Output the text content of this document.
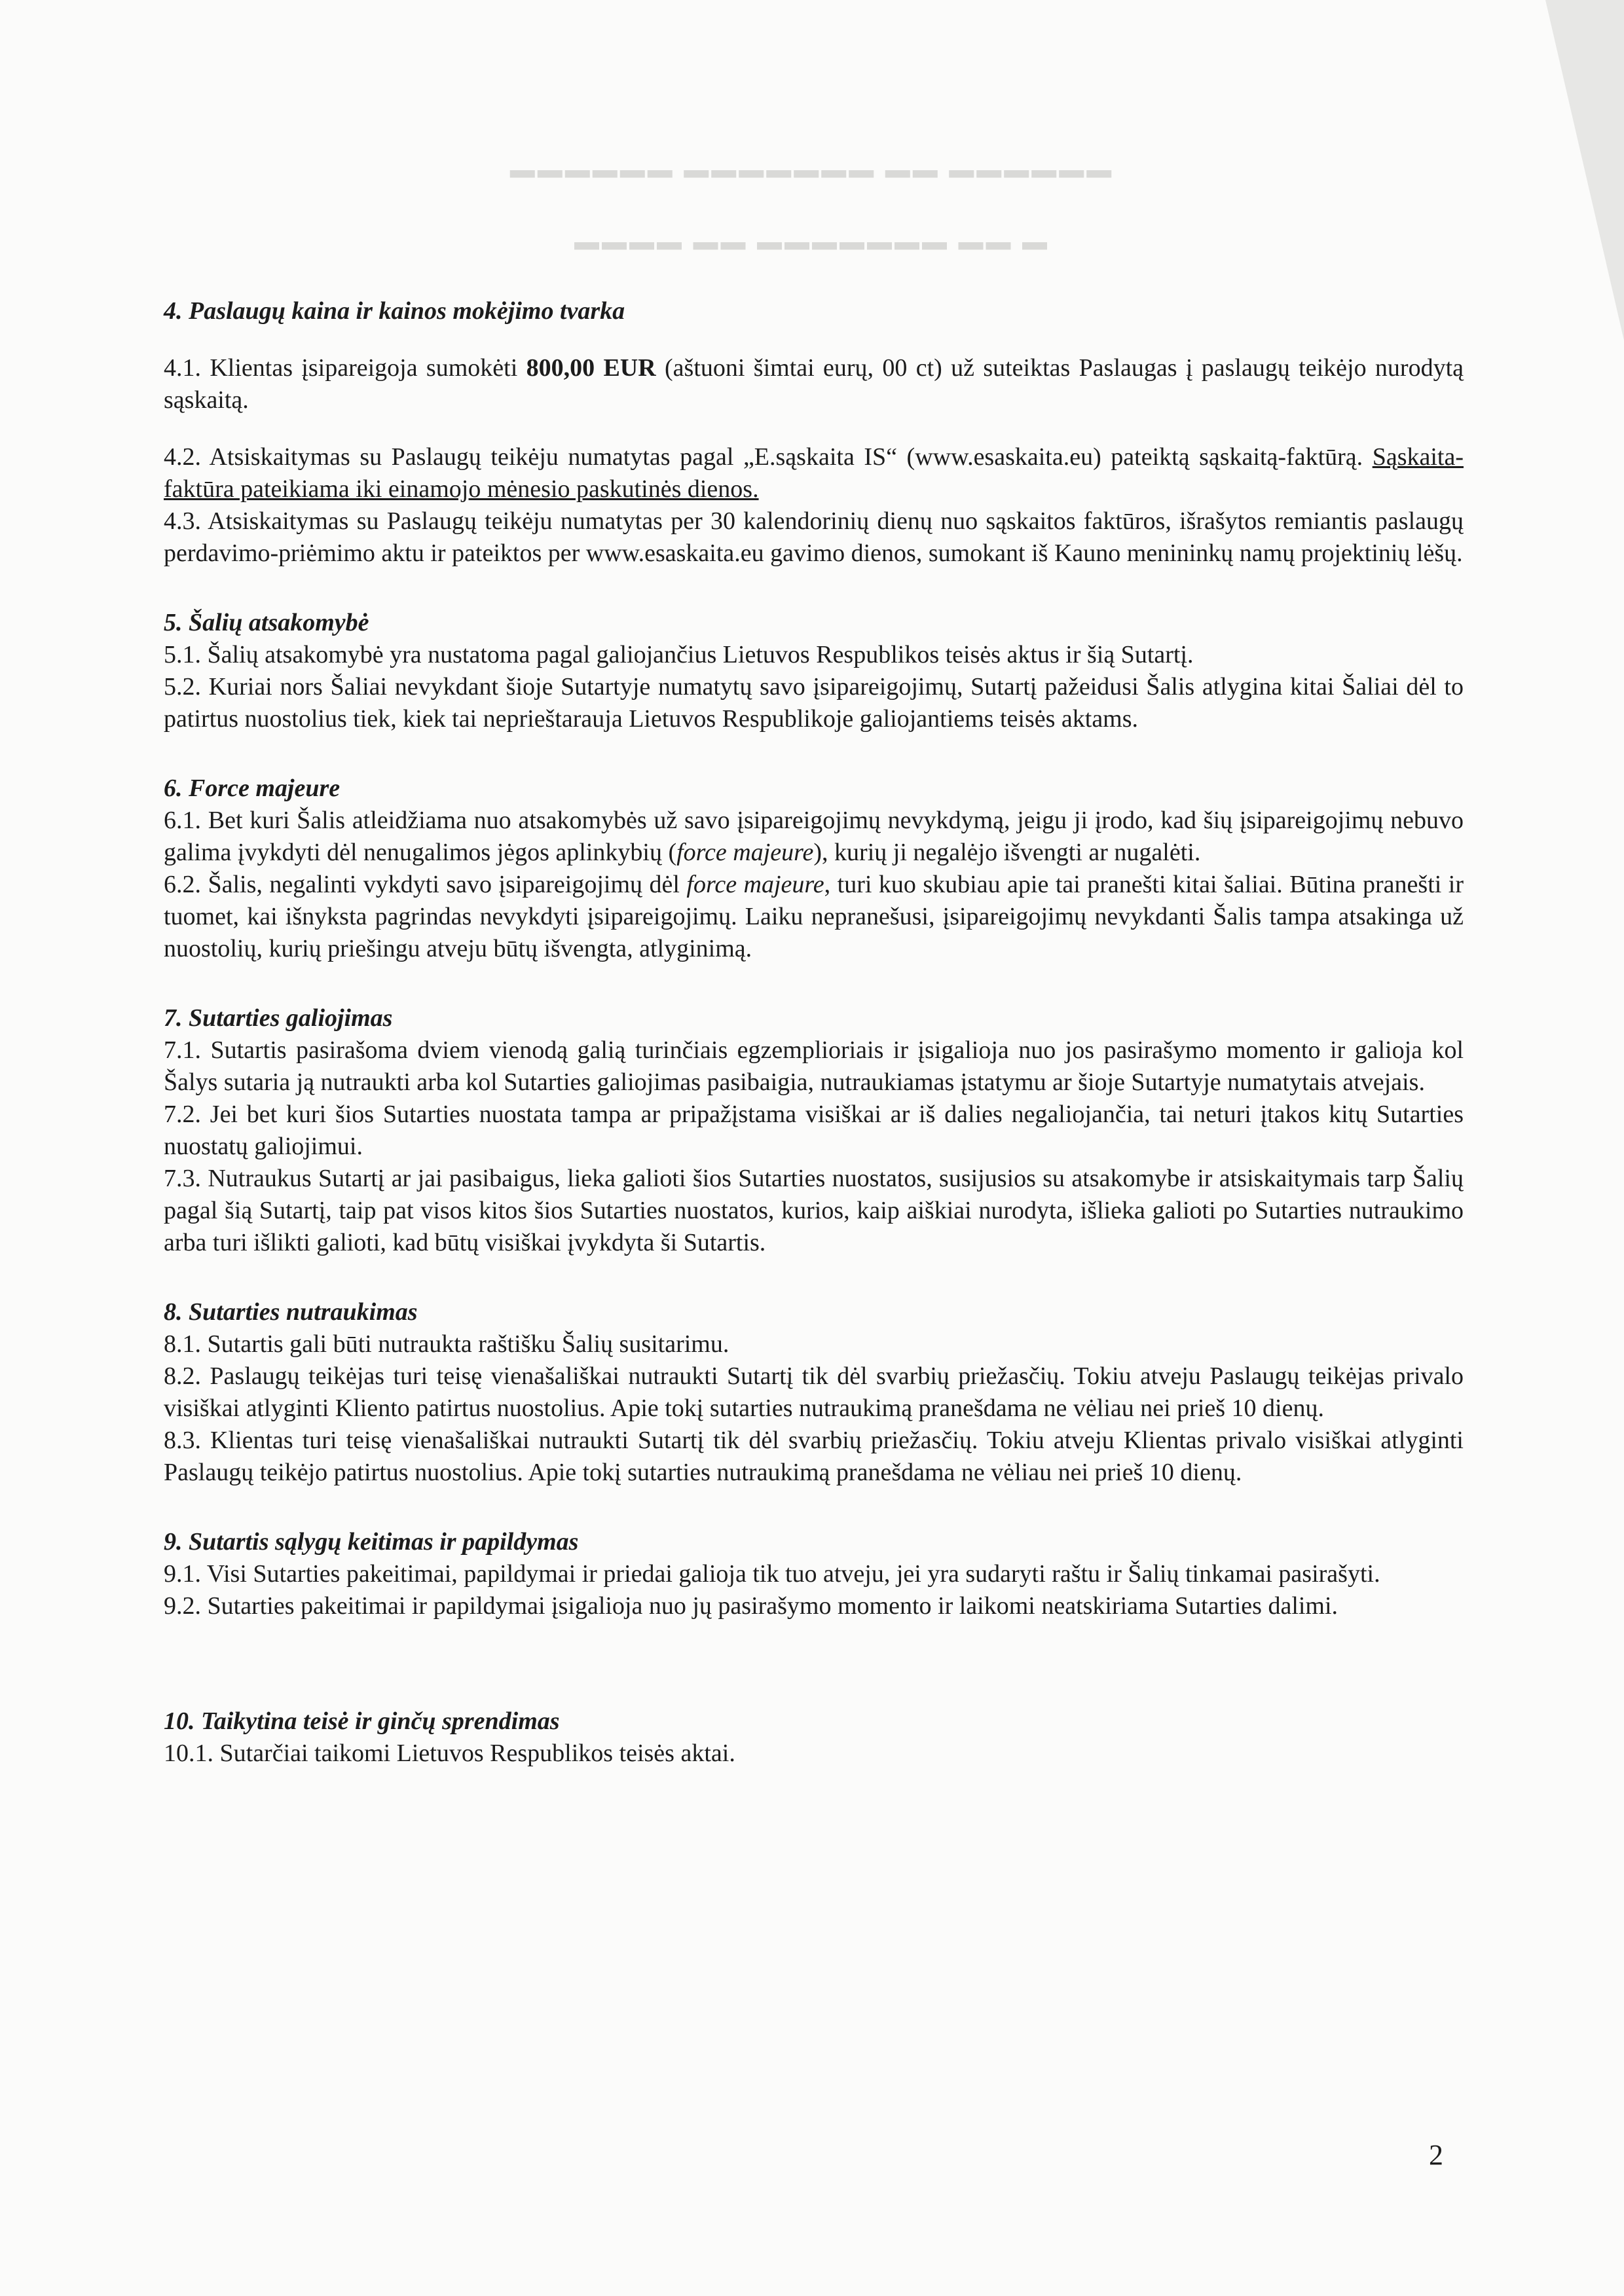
▬▬▬▬▬▬ ▬▬▬▬▬▬▬ ▬▬ ▬▬▬▬▬▬
▬▬▬▬ ▬▬ ▬▬▬▬▬▬▬ ▬▬ ▬

4. Paslaugų kaina ir kainos mokėjimo tvarka

4.1. Klientas įsipareigoja sumokėti 800,00 EUR (aštuoni šimtai eurų, 00 ct) už suteiktas Paslaugas į paslaugų teikėjo nurodytą sąskaitą.

4.2. Atsiskaitymas su Paslaugų teikėju numatytas pagal „E.sąskaita IS“ (www.esaskaita.eu) pateiktą sąskaitą-faktūrą. Sąskaita-faktūra pateikiama iki einamojo mėnesio paskutinės dienos.

4.3. Atsiskaitymas su Paslaugų teikėju numatytas per 30 kalendorinių dienų nuo sąskaitos faktūros, išrašytos remiantis paslaugų perdavimo-priėmimo aktu ir pateiktos per www.esaskaita.eu gavimo dienos, sumokant iš Kauno menininkų namų projektinių lėšų.

5. Šalių atsakomybė

5.1. Šalių atsakomybė yra nustatoma pagal galiojančius Lietuvos Respublikos teisės aktus ir šią Sutartį.

5.2. Kuriai nors Šaliai nevykdant šioje Sutartyje numatytų savo įsipareigojimų, Sutartį pažeidusi Šalis atlygina kitai Šaliai dėl to patirtus nuostolius tiek, kiek tai neprieštarauja Lietuvos Respublikoje galiojantiems teisės aktams.

6. Force majeure

6.1. Bet kuri Šalis atleidžiama nuo atsakomybės už savo įsipareigojimų nevykdymą, jeigu ji įrodo, kad šių įsipareigojimų nebuvo galima įvykdyti dėl nenugalimos jėgos aplinkybių (force majeure), kurių ji negalėjo išvengti ar nugalėti.

6.2. Šalis, negalinti vykdyti savo įsipareigojimų dėl force majeure, turi kuo skubiau apie tai pranešti kitai šaliai. Būtina pranešti ir tuomet, kai išnyksta pagrindas nevykdyti įsipareigojimų. Laiku nepranešusi, įsipareigojimų nevykdanti Šalis tampa atsakinga už nuostolių, kurių priešingu atveju būtų išvengta, atlyginimą.

7. Sutarties galiojimas

7.1. Sutartis pasirašoma dviem vienodą galią turinčiais egzemplioriais ir įsigalioja nuo jos pasirašymo momento ir galioja kol Šalys sutaria ją nutraukti arba kol Sutarties galiojimas pasibaigia, nutraukiamas įstatymu ar šioje Sutartyje numatytais atvejais.

7.2. Jei bet kuri šios Sutarties nuostata tampa ar pripažįstama visiškai ar iš dalies negaliojančia, tai neturi įtakos kitų Sutarties nuostatų galiojimui.

7.3. Nutraukus Sutartį ar jai pasibaigus, lieka galioti šios Sutarties nuostatos, susijusios su atsakomybe ir atsiskaitymais tarp Šalių pagal šią Sutartį, taip pat visos kitos šios Sutarties nuostatos, kurios, kaip aiškiai nurodyta, išlieka galioti po Sutarties nutraukimo arba turi išlikti galioti, kad būtų visiškai įvykdyta ši Sutartis.

8. Sutarties nutraukimas

8.1. Sutartis gali būti nutraukta raštišku Šalių susitarimu.

8.2. Paslaugų teikėjas turi teisę vienašališkai nutraukti Sutartį tik dėl svarbių priežasčių. Tokiu atveju Paslaugų teikėjas privalo visiškai atlyginti Kliento patirtus nuostolius. Apie tokį sutarties nutraukimą pranešdama ne vėliau nei prieš 10 dienų.

8.3. Klientas turi teisę vienašališkai nutraukti Sutartį tik dėl svarbių priežasčių. Tokiu atveju Klientas privalo visiškai atlyginti Paslaugų teikėjo patirtus nuostolius. Apie tokį sutarties nutraukimą pranešdama ne vėliau nei prieš 10 dienų.

9. Sutartis sąlygų keitimas ir papildymas

9.1. Visi Sutarties pakeitimai, papildymai ir priedai galioja tik tuo atveju, jei yra sudaryti raštu ir Šalių tinkamai pasirašyti.

9.2. Sutarties pakeitimai ir papildymai įsigalioja nuo jų pasirašymo momento ir laikomi neatskiriama Sutarties dalimi.

10. Taikytina teisė ir ginčų sprendimas

10.1. Sutarčiai taikomi Lietuvos Respublikos teisės aktai.

2
